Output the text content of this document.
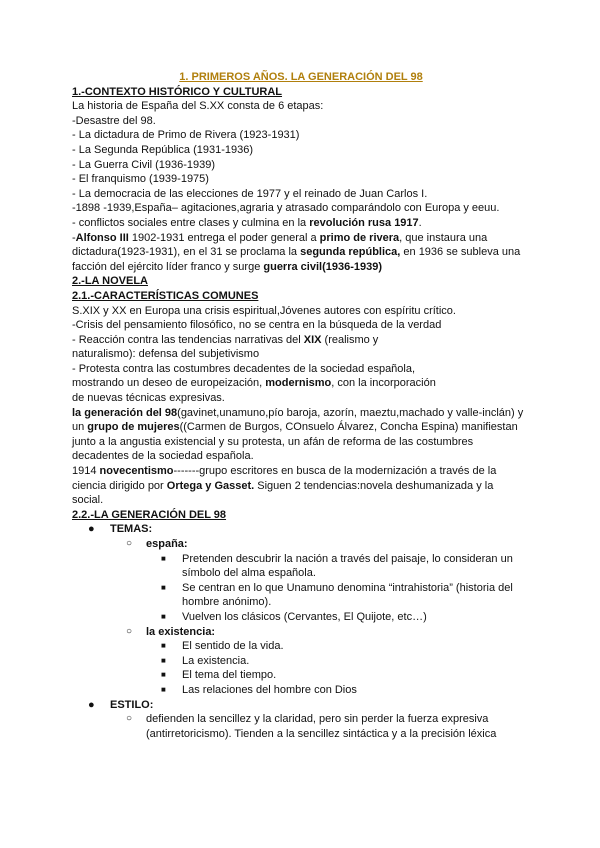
1. PRIMEROS AÑOS. LA GENERACIÓN DEL 98
1.-CONTEXTO HISTÓRICO Y CULTURAL

La historia de España del S.XX consta de 6 etapas:

-Desastre del 98.

- La dictadura de Primo de Rivera (1923-1931)

- La Segunda República (1931-1936)

- La Guerra Civil (1936-1939)

- El franquismo (1939-1975)

- La democracia de las elecciones de 1977 y el reinado de Juan Carlos I.

-1898 -1939,España– agitaciones,agraria y atrasado comparándolo con Europa y eeuu.

- conflictos sociales entre clases y culmina en la revolución rusa 1917.

-Alfonso III 1902-1931 entrega el poder general a primo de rivera, que instaura una

dictadura(1923-1931), en el 31 se proclama la segunda república, en 1936 se subleva una

facción del ejército líder franco y surge guerra civil(1936-1939)

2.-LA NOVELA
2.1.-CARACTERÍSTICAS COMUNES

S.XIX y XX en Europa una crisis espiritual,Jóvenes autores con espíritu crítico.

-Crisis del pensamiento filosófico, no se centra en la búsqueda de la verdad

- Reacción contra las tendencias narrativas del XIX (realismo y

naturalismo): defensa del subjetivismo

- Protesta contra las costumbres decadentes de la sociedad española,

mostrando un deseo de europeización, modernismo, con la incorporación

de nuevas técnicas expresivas.

la generación del 98(gavinet,unamuno,pío baroja, azorín, maeztu,machado y valle-inclán) y

un grupo de mujeres((Carmen de Burgos, COnsuelo Álvarez, Concha Espina) manifiestan

junto a la angustia existencial y su protesta, un afán de reforma de las costumbres

decadentes de la sociedad española.

1914 novecentismo-------grupo escritores en busca de la modernización a través de la

ciencia dirigido por Ortega y Gasset. Siguen 2 tendencias:novela deshumanizada y la

social.

2.2.-LA GENERACIÓN DEL 98
● TEMAS:
○ españa:
■ Pretenden descubrir la nación a través del paisaje, lo consideran un
símbolo del alma española.
■ Se centran en lo que Unamuno denomina “intrahistoria” (historia del
hombre anónimo).
■ Vuelven los clásicos (Cervantes, El Quijote, etc…)
○ la existencia:
■ El sentido de la vida.
■ La existencia.
■ El tema del tiempo.
■ Las relaciones del hombre con Dios
● ESTILO:
○ defienden la sencillez y la claridad, pero sin perder la fuerza expresiva
(antirretoricismo). Tienden a la sencillez sintáctica y a la precisión léxica
